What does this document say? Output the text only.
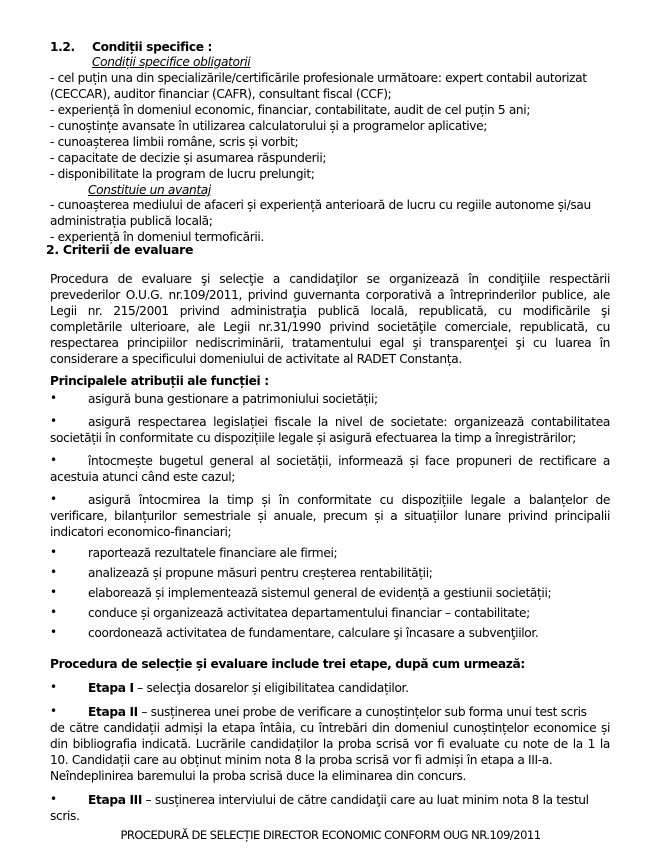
1.2. Condiții specifice :
Condiții specifice obligatorii
- cel puțin una din specializările/certificările profesionale următoare: expert contabil autorizat
(CECCAR), auditor financiar (CAFR), consultant fiscal (CCF);
- experiență în domeniul economic, financiar, contabilitate, audit de cel puțin 5 ani;
- cunoștințe avansate în utilizarea calculatorului și a programelor aplicative;
- cunoașterea limbii române, scris și vorbit;
- capacitate de decizie și asumarea răspunderii;
- disponibilitate la program de lucru prelungit;
Constituie un avantaj
- cunoașterea mediului de afaceri și experiență anterioară de lucru cu regiile autonome și/sau
administrația publică locală;
- experiență în domeniul termoficării.
2. Criterii de evaluare
Procedura de evaluare şi selecţie a candidaţilor se organizează în condiţiile respectării
prevederilor O.U.G. nr.109/2011, privind guvernanta corporativă a întreprinderilor publice, ale
Legii nr. 215/2001 privind administraţia publică locală, republicată, cu modificările şi
completările ulterioare, ale Legii nr.31/1990 privind societăţile comerciale, republicată, cu
respectarea principiilor nediscriminării, tratamentului egal şi transparenţei şi cu luarea în
considerare a specificului domeniului de activitate al RADET Constanța.
Principalele atribuții ale funcției :
•	asigură buna gestionare a patrimoniului societății;
•	asigură respectarea legislației fiscale la nivel de societate: organizează contabilitatea
societății în conformitate cu dispozițiile legale și asigură efectuarea la timp a înregistrărilor;
•	întocmește bugetul general al societății, informează și face propuneri de rectificare a
acestuia atunci când este cazul;
•	asigură întocmirea la timp și în conformitate cu dispozițiile legale a balanțelor de
verificare, bilanțurilor semestriale și anuale, precum și a situațiilor lunare privind principalii
indicatori economico-financiari;
•	raportează rezultatele financiare ale firmei;
•	analizează și propune măsuri pentru creșterea rentabilității;
•	elaborează și implementează sistemul general de evidență a gestiunii societății;
•	conduce și organizează activitatea departamentului financiar – contabilitate;
•	coordonează activitatea de fundamentare, calculare şi încasare a subvenţiilor.
Procedura de selecție și evaluare include trei etape, după cum urmează:
•	Etapa I – selecţia dosarelor și eligibilitatea candidaților.
•	Etapa II – susținerea unei probe de verificare a cunoștințelor sub forma unui test scris
de către candidații admiși la etapa întâia, cu întrebări din domeniul cunoștințelor economice și
din bibliografia indicată. Lucrările candidaților la proba scrisă vor fi evaluate cu note de la 1 la
10. Candidații care au obținut minim nota 8 la proba scrisă vor fi admiși în etapa a III-a.
Neîndeplinirea baremului la proba scrisă duce la eliminarea din concurs.
•	Etapa III – susținerea interviului de către candidaţii care au luat minim nota 8 la testul
scris.
PROCEDURĂ DE SELECȚIE DIRECTOR ECONOMIC CONFORM OUG NR.109/2011
